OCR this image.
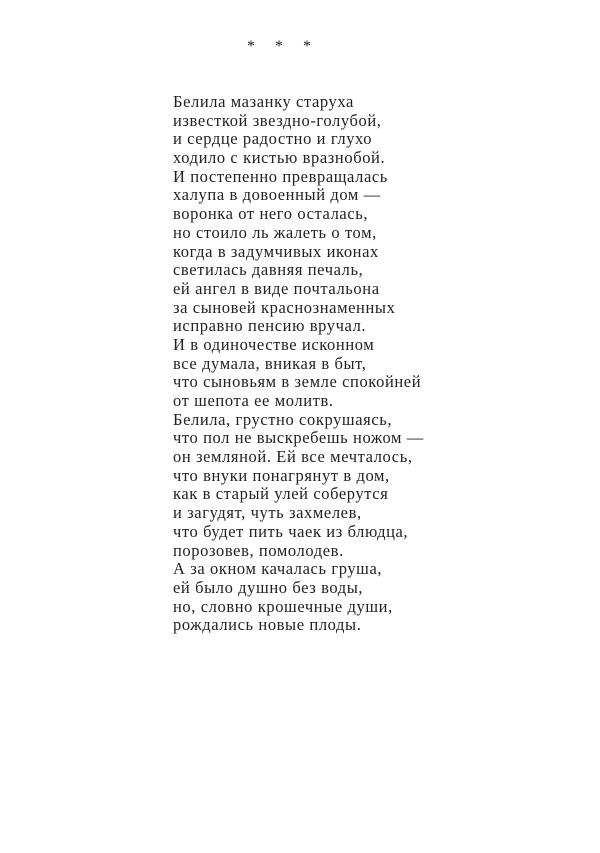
* * *
Белила мазанку старуха
известкой звездно-голубой,
и сердце радостно и глухо
ходило с кистью вразнобой.
И постепенно превращалась
халупа в довоенный дом —
воронка от него осталась,
но стоило ль жалеть о том,
когда в задумчивых иконах
светилась давняя печаль,
ей ангел в виде почтальона
за сыновей краснознаменных
исправно пенсию вручал.
И в одиночестве исконном
все думала, вникая в быт,
что сыновьям в земле спокойней
от шепота ее молитв.
Белила, грустно сокрушаясь,
что пол не выскребешь ножом —
он земляной. Ей все мечталось,
что внуки понагрянут в дом,
как в старый улей соберутся
и загудят, чуть захмелев,
что будет пить чаек из блюдца,
порозовев, помолодев.
А за окном качалась груша,
ей было душно без воды,
но, словно крошечные души,
рождались новые плоды.
